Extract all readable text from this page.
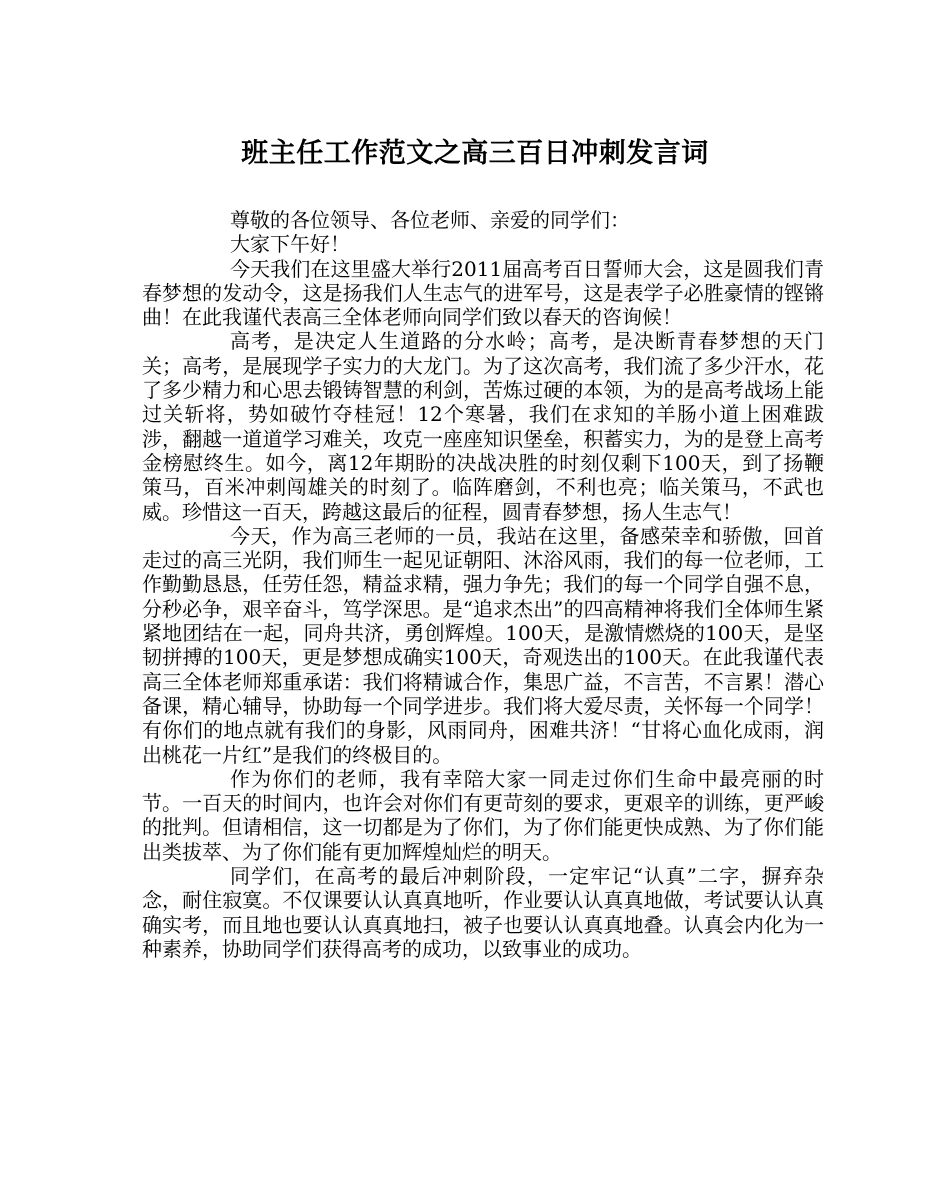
班主任工作范文之高三百日冲刺发言词

尊敬的各位领导、各位老师、亲爱的同学们：

大家下午好！

今天我们在这里盛大举行2011届高考百日誓师大会，这是圆我们青春梦想的发动令，这是扬我们人生志气的进军号，这是表学子必胜豪情的铿锵曲！在此我谨代表高三全体老师向同学们致以春天的咨询候！

高考，是决定人生道路的分水岭；高考，是决断青春梦想的天门关；高考，是展现学子实力的大龙门。为了这次高考，我们流了多少汗水，花了多少精力和心思去锻铸智慧的利剑，苦炼过硬的本领，为的是高考战场上能过关斩将，势如破竹夺桂冠！12个寒暑，我们在求知的羊肠小道上困难跋涉，翻越一道道学习难关，攻克一座座知识堡垒，积蓄实力，为的是登上高考金榜慰终生。如今，离12年期盼的决战决胜的时刻仅剩下100天，到了扬鞭策马，百米冲刺闯雄关的时刻了。临阵磨剑，不利也亮；临关策马，不武也威。珍惜这一百天，跨越这最后的征程，圆青春梦想，扬人生志气！

今天，作为高三老师的一员，我站在这里，备感荣幸和骄傲，回首走过的高三光阴，我们师生一起见证朝阳、沐浴风雨，我们的每一位老师，工作勤勤恳恳，任劳任怨，精益求精，强力争先；我们的每一个同学自强不息，分秒必争，艰辛奋斗，笃学深思。是“追求杰出”的四高精神将我们全体师生紧紧地团结在一起，同舟共济，勇创辉煌。100天，是激情燃烧的100天，是坚韧拼搏的100天，更是梦想成确实100天，奇观迭出的100天。在此我谨代表高三全体老师郑重承诺：我们将精诚合作，集思广益，不言苦，不言累！潜心备课，精心辅导，协助每一个同学进步。我们将大爱尽责，关怀每一个同学！有你们的地点就有我们的身影，风雨同舟，困难共济！“甘将心血化成雨，润出桃花一片红”是我们的终极目的。

作为你们的老师，我有幸陪大家一同走过你们生命中最亮丽的时节。一百天的时间内，也许会对你们有更苛刻的要求，更艰辛的训练，更严峻的批判。但请相信，这一切都是为了你们，为了你们能更快成熟、为了你们能出类拔萃、为了你们能有更加辉煌灿烂的明天。

同学们，在高考的最后冲刺阶段，一定牢记“认真”二字，摒弃杂念，耐住寂寞。不仅课要认认真真地听，作业要认认真真地做，考试要认认真确实考，而且地也要认认真真地扫，被子也要认认真真地叠。认真会内化为一种素养，协助同学们获得高考的成功，以致事业的成功。
